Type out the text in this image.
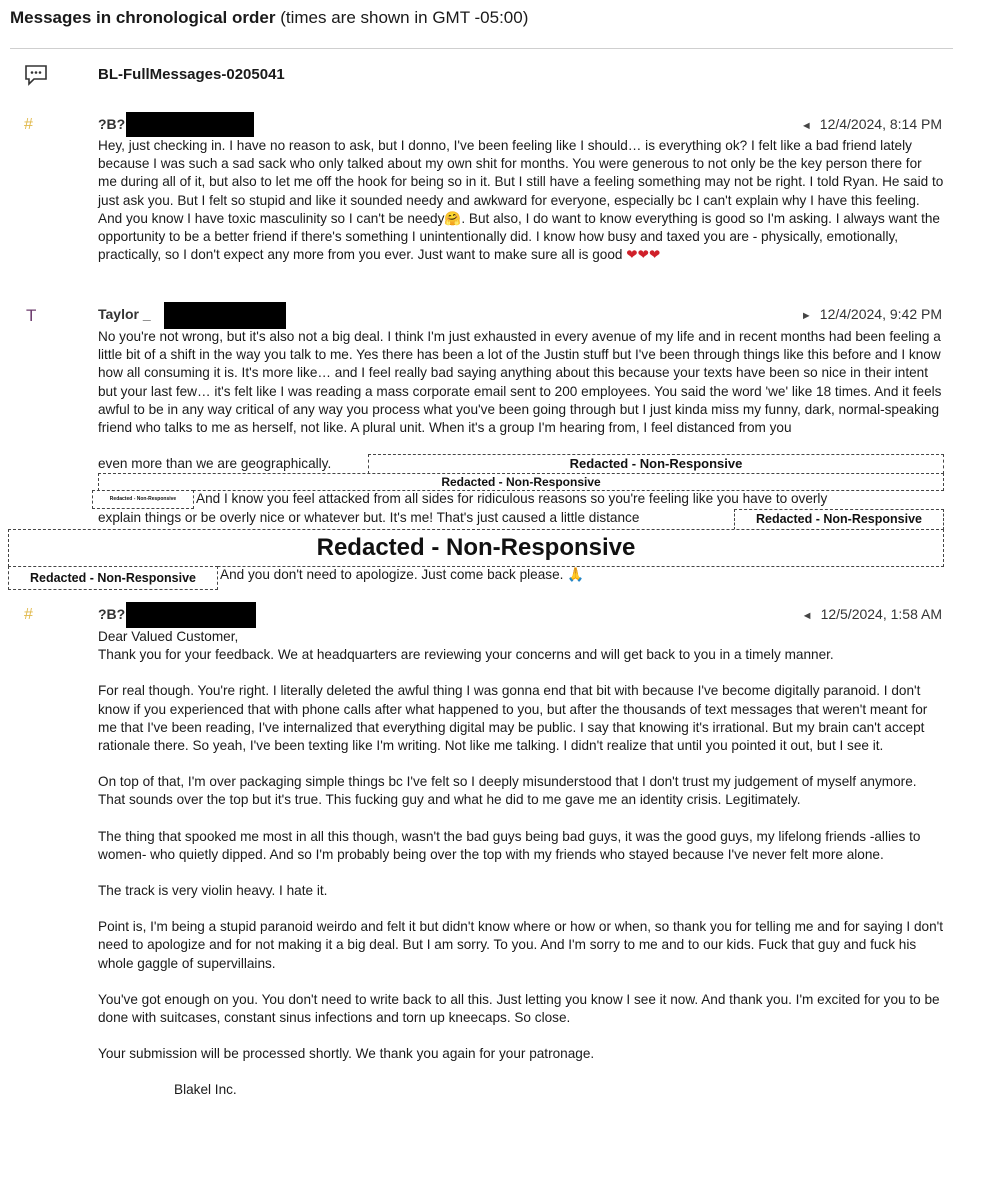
Messages in chronological order (times are shown in GMT -05:00)
BL-FullMessages-0205041
#	?B?	◄ 12/4/2024, 8:14 PM
Hey, just checking in. I have no reason to ask, but I donno, I've been feeling like I should… is everything ok? I felt like a bad friend lately because I was such a sad sack who only talked about my own shit for months. You were generous to not only be the key person there for me during all of it, but also to let me off the hook for being so in it. But I still have a feeling something may not be right. I told Ryan. He said to just ask you. But I felt so stupid and like it sounded needy and awkward for everyone, especially bc I can't explain why I have this feeling. And you know I have toxic masculinity so I can't be needy🤗. But also, I do want to know everything is good so I'm asking. I always want the opportunity to be a better friend if there's something I unintentionally did. I know how busy and taxed you are - physically, emotionally, practically, so I don't expect any more from you ever. Just want to make sure all is good ❤❤❤
T	Taylor _	► 12/4/2024, 9:42 PM
No you're not wrong, but it's also not a big deal. I think I'm just exhausted in every avenue of my life and in recent months had been feeling a little bit of a shift in the way you talk to me. Yes there has been a lot of the Justin stuff but I've been through things like this before and I know how all consuming it is. It's more like… and I feel really bad saying anything about this because your texts have been so nice in their intent but your last few… it's felt like I was reading a mass corporate email sent to 200 employees. You said the word 'we' like 18 times. And it feels awful to be in any way critical of any way you process what you've been going through but I just kinda miss my funny, dark, normal-speaking friend who talks to me as herself, not like. A plural unit. When it's a group I'm hearing from, I feel distanced from you
even more than we are geographically.	Redacted - Non-Responsive
Redacted - Non-Responsive
Redacted - Non-Responsive	And I know you feel attacked from all sides for ridiculous reasons so you're feeling like you have to overly
explain things or be overly nice or whatever but. It's me! That's just caused a little distance	Redacted - Non-Responsive
Redacted - Non-Responsive
Redacted - Non-Responsive	And you don't need to apologize. Just come back please. 🙏
#	?B?	◄ 12/5/2024, 1:58 AM

Dear Valued Customer,

Thank you for your feedback. We at headquarters are reviewing your concerns and will get back to you in a timely manner.

For real though. You're right. I literally deleted the awful thing I was gonna end that bit with because I've become digitally paranoid. I don't know if you experienced that with phone calls after what happened to you, but after the thousands of text messages that weren't meant for me that I've been reading, I've internalized that everything digital may be public. I say that knowing it's irrational. But my brain can't accept rationale there. So yeah, I've been texting like I'm writing. Not like me talking. I didn't realize that until you pointed it out, but I see it.

On top of that, I'm over packaging simple things bc I've felt so I deeply misunderstood that I don't trust my judgement of myself anymore. That sounds over the top but it's true. This fucking guy and what he did to me gave me an identity crisis. Legitimately.

The thing that spooked me most in all this though, wasn't the bad guys being bad guys, it was the good guys, my lifelong friends -allies to women- who quietly dipped. And so I'm probably being over the top with my friends who stayed because I've never felt more alone.

The track is very violin heavy. I hate it.

Point is, I'm being a stupid paranoid weirdo and felt it but didn't know where or how or when, so thank you for telling me and for saying I don't need to apologize and for not making it a big deal. But I am sorry. To you. And I'm sorry to me and to our kids. Fuck that guy and fuck his whole gaggle of supervillains.

You've got enough on you. You don't need to write back to all this. Just letting you know I see it now. And thank you. I'm excited for you to be done with suitcases, constant sinus infections and torn up kneecaps. So close.

Your submission will be processed shortly. We thank you again for your patronage.

Blakel Inc.
